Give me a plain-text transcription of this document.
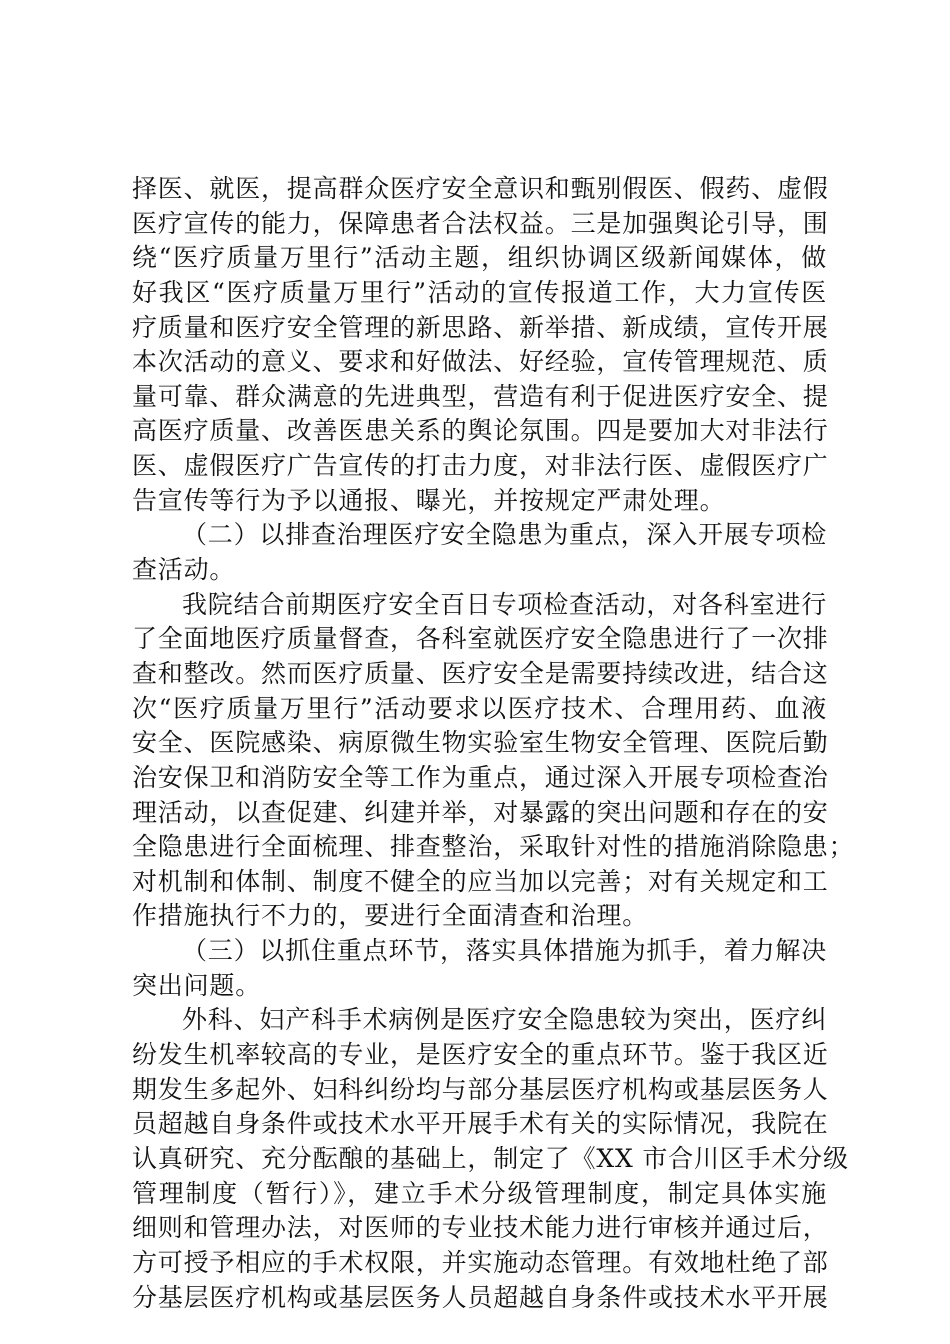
择医、就医，提高群众医疗安全意识和甄别假医、假药、虚假
医疗宣传的能力，保障患者合法权益。三是加强舆论引导，围
绕“医疗质量万里行”活动主题，组织协调区级新闻媒体，做
好我区“医疗质量万里行”活动的宣传报道工作，大力宣传医
疗质量和医疗安全管理的新思路、新举措、新成绩，宣传开展
本次活动的意义、要求和好做法、好经验，宣传管理规范、质
量可靠、群众满意的先进典型，营造有利于促进医疗安全、提
高医疗质量、改善医患关系的舆论氛围。四是要加大对非法行
医、虚假医疗广告宣传的打击力度，对非法行医、虚假医疗广
告宣传等行为予以通报、曝光，并按规定严肃处理。
（二）以排查治理医疗安全隐患为重点，深入开展专项检
查活动。
我院结合前期医疗安全百日专项检查活动，对各科室进行
了全面地医疗质量督查，各科室就医疗安全隐患进行了一次排
查和整改。然而医疗质量、医疗安全是需要持续改进，结合这
次“医疗质量万里行”活动要求以医疗技术、合理用药、血液
安全、医院感染、病原微生物实验室生物安全管理、医院后勤
治安保卫和消防安全等工作为重点，通过深入开展专项检查治
理活动，以查促建、纠建并举，对暴露的突出问题和存在的安
全隐患进行全面梳理、排查整治，采取针对性的措施消除隐患；
对机制和体制、制度不健全的应当加以完善；对有关规定和工
作措施执行不力的，要进行全面清查和治理。
（三）以抓住重点环节，落实具体措施为抓手，着力解决
突出问题。
外科、妇产科手术病例是医疗安全隐患较为突出，医疗纠
纷发生机率较高的专业，是医疗安全的重点环节。鉴于我区近
期发生多起外、妇科纠纷均与部分基层医疗机构或基层医务人
员超越自身条件或技术水平开展手术有关的实际情况，我院在
认真研究、充分酝酿的基础上，制定了《XX 市合川区手术分级
管理制度（暂行）》，建立手术分级管理制度，制定具体实施
细则和管理办法，对医师的专业技术能力进行审核并通过后，
方可授予相应的手术权限，并实施动态管理。有效地杜绝了部
分基层医疗机构或基层医务人员超越自身条件或技术水平开展
